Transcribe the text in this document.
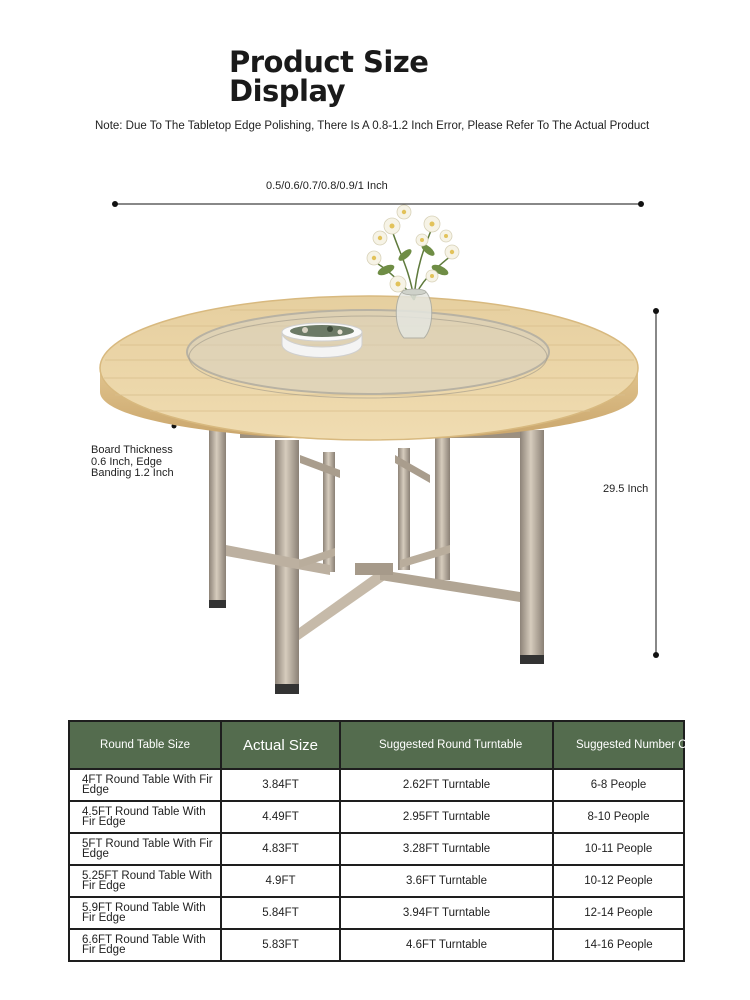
Product Size
Display
Note: Due To The Tabletop Edge Polishing, There Is A 0.8-1.2 Inch Error, Please Refer To The Actual Product
0.5/0.6/0.7/0.8/0.9/1 Inch
29.5 Inch
Board Thickness
0.6 Inch, Edge
Banding 1.2 Inch
Round Table Size	Actual Size	Suggested Round Turntable	Suggested Number Of People
4FT Round Table With Fir Edge	3.84FT	2.62FT Turntable	6-8 People
4.5FT Round Table With Fir Edge	4.49FT	2.95FT Turntable	8-10 People
5FT Round Table With Fir Edge	4.83FT	3.28FT Turntable	10-11 People
5.25FT Round Table With Fir Edge	4.9FT	3.6FT Turntable	10-12 People
5.9FT Round Table With Fir Edge	5.84FT	3.94FT Turntable	12-14 People
6.6FT Round Table With Fir Edge	5.83FT	4.6FT Turntable	14-16 People
